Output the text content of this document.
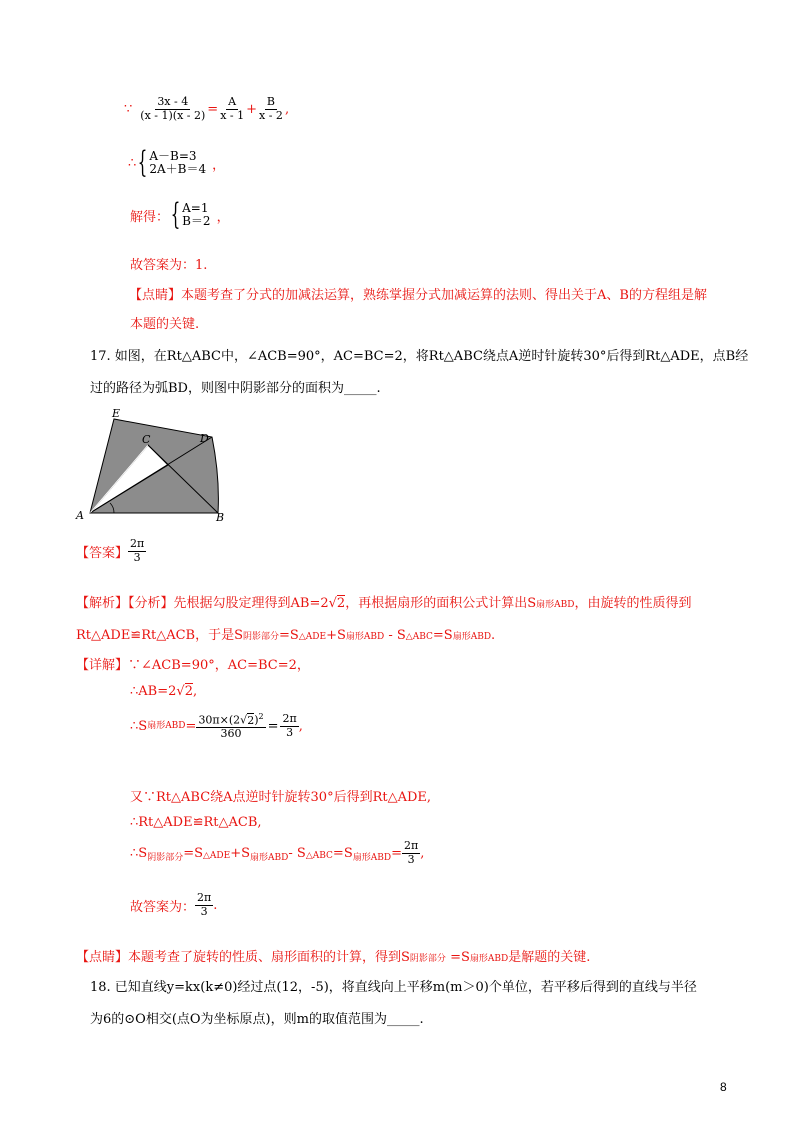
∵ $\frac{3x - 4}{(x - 1)(x - 2)} = \frac{A}{x - 1} + \frac{B}{x - 2}$ ,
∴ { A－B=3
2A＋B＝4 ，
解得： { A=1
B＝2 ，
故答案为：1.
【点睛】本题考查了分式的加减法运算，熟练掌握分式加减运算的法则、得出关于A、B的方程组是解
本题的关键.
17. 如图，在Rt△ABC中，∠ACB=90°，AC=BC=2，将Rt△ABC绕点A逆时针旋转30°后得到Rt△ADE，点B经
过的路径为弧BD，则图中阴影部分的面积为_____.
E
C	D
A	B
【答案】 $\frac{2\pi}{3}$
【解析】【分析】先根据勾股定理得到AB=2√2，再根据扇形的面积公式计算出S扇形ABD，由旋转的性质得到
Rt△ADE≌Rt△ACB，于是S阴影部分=S△ADE+S扇形ABD - S△ABC=S扇形ABD.
【详解】∵∠ACB=90°，AC=BC=2，
∴AB=2√2,
∴S 扇形ABD = $\frac{30\pi\times(2√2)^2}{360} = \frac{2\pi}{3}$ ,
又∵Rt△ABC绕A点逆时针旋转30°后得到Rt△ADE,
∴Rt△ADE≌Rt△ACB,
∴S 阴影部分 =S △ADE +S 扇形ABD - S △ABC =S 扇形ABD = $\frac{2\pi}{3}$ ,
故答案为： $\frac{2\pi}{3}$ .
【点睛】本题考查了旋转的性质、扇形面积的计算，得到S阴影部分 =S扇形ABD是解题的关键.
18. 已知直线y=kx(k≠0)经过点(12，-5)，将直线向上平移m(m＞0)个单位，若平移后得到的直线与半径
为6的⊙O相交(点O为坐标原点)，则m的取值范围为_____.
8
